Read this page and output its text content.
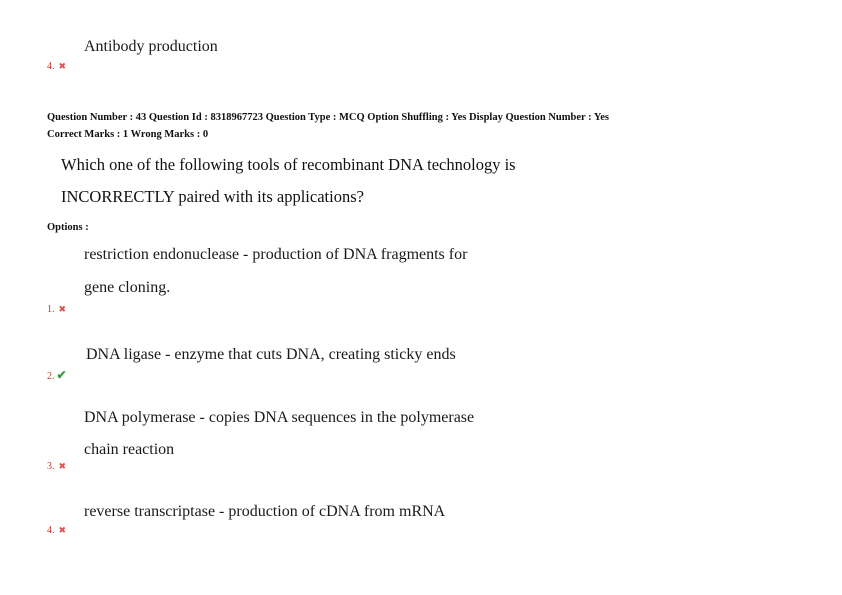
Antibody production
4. ✖
Question Number : 43 Question Id : 8318967723 Question Type : MCQ Option Shuffling : Yes Display Question Number : Yes
Correct Marks : 1 Wrong Marks : 0
Which one of the following tools of recombinant DNA technology is
INCORRECTLY paired with its applications?
Options :
restriction endonuclease - production of DNA fragments for
gene cloning.
1. ✖
DNA ligase - enzyme that cuts DNA, creating sticky ends
2. ✔
DNA polymerase - copies DNA sequences in the polymerase
chain reaction
3. ✖
reverse transcriptase - production of cDNA from mRNA
4. ✖
